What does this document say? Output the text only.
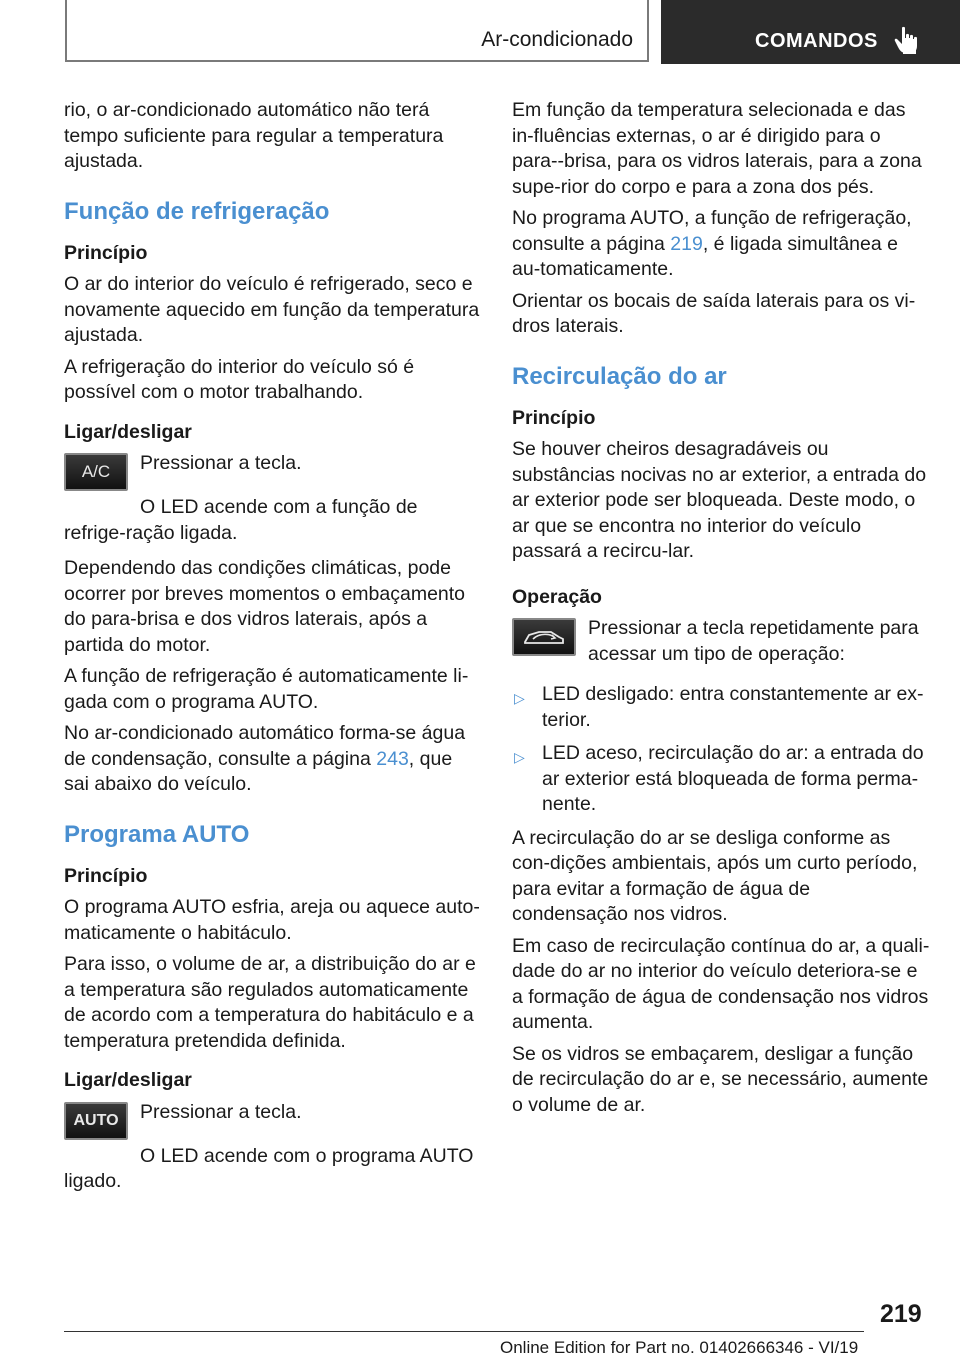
Ar-condicionado	COMANDOS

rio, o ar-condicionado automático não terá tempo suficiente para regular a temperatura ajustada.

Função de refrigeração
Princípio

O ar do interior do veículo é refrigerado, seco e novamente aquecido em função da temperatura ajustada.

A refrigeração do interior do veículo só é possível com o motor trabalhando.

Ligar/desligar
A/C	Pressionar a tecla.

O LED acende com a função de refrige-ração ligada.

Dependendo das condições climáticas, pode ocorrer por breves momentos o embaçamento do para-brisa e dos vidros laterais, após a partida do motor.

A função de refrigeração é automaticamente li-gada com o programa AUTO.

No ar-condicionado automático forma-se água de condensação, consulte a página 243, que sai abaixo do veículo.

Programa AUTO
Princípio

O programa AUTO esfria, areja ou aquece auto-maticamente o habitáculo.

Para isso, o volume de ar, a distribuição do ar e a temperatura são regulados automaticamente de acordo com a temperatura do habitáculo e a temperatura pretendida definida.

Ligar/desligar
AUTO	Pressionar a tecla.

O LED acende com o programa AUTO ligado.

Em função da temperatura selecionada e das in-fluências externas, o ar é dirigido para o para--brisa, para os vidros laterais, para a zona supe-rior do corpo e para a zona dos pés.

No programa AUTO, a função de refrigeração, consulte a página 219, é ligada simultânea e au-tomaticamente.

Orientar os bocais de saída laterais para os vi-dros laterais.

Recirculação do ar
Princípio

Se houver cheiros desagradáveis ou substâncias nocivas no ar exterior, a entrada do ar exterior pode ser bloqueada. Deste modo, o ar que se encontra no interior do veículo passará a recircu-lar.

Operação

Pressionar a tecla repetidamente para acessar um tipo de operação:

▷ LED desligado: entra constantemente ar ex-terior.
▷ LED aceso, recirculação do ar: a entrada do ar exterior está bloqueada de forma perma-nente.

A recirculação do ar se desliga conforme as con-dições ambientais, após um curto período, para evitar a formação de água de condensação nos vidros.

Em caso de recirculação contínua do ar, a quali-dade do ar no interior do veículo deteriora-se e a formação de água de condensação nos vidros aumenta.

Se os vidros se embaçarem, desligar a função de recirculação do ar e, se necessário, aumente o volume de ar.

219
Online Edition for Part no. 01402666346 - VI/19
